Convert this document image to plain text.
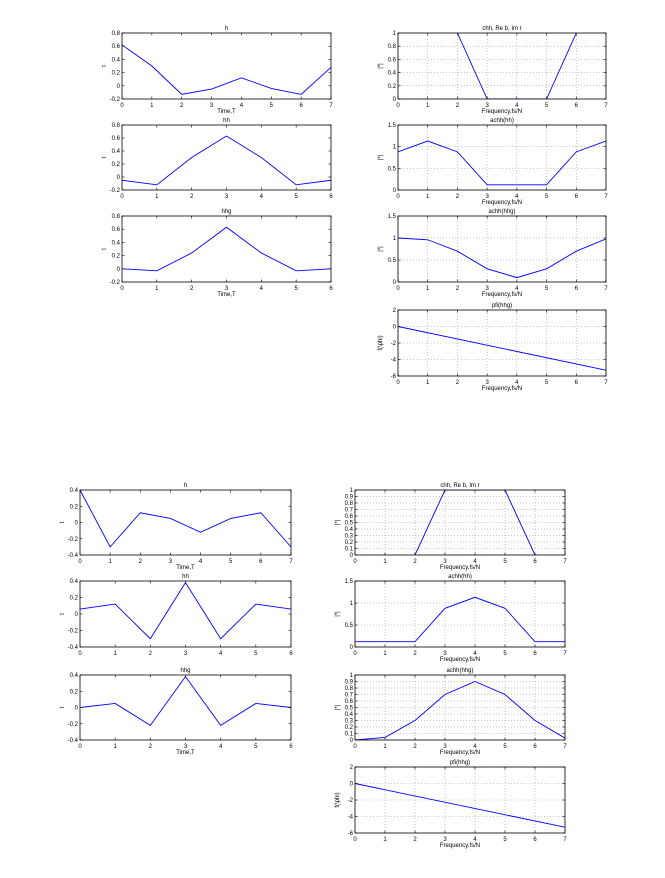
0	1	2	3	4	5	6	7
-0.2
0
0.2
0.4
0.6
0.8
h
Time,T
t
0	1	2	3	4	5	6	7
0
0.2
0.4
0.6
0.8
1
chh, Re b, Im r
Frequency,fs/N
|*|
0	1	2	3	4	5	6
-0.2
0
0.2
0.4
0.6
0.8
hh
t
0	1	2	3	4	5	6	7
0
0.5
1
1.5
achh(hh)
Frequency,fs/N
|*|
0	1	2	3	4	5	6
-0.2
0
0.2
0.4
0.6
0.8
hhg
Time,T
t
0	1	2	3	4	5	6	7
0
0.5
1
1.5
achh(hhg)
Frequency,fs/N
|*|
0	1	2	3	4	5	6	7
-6
-4
-2
0
2
pfi(hhg)
Frequency,fs/N
f(\phi)
0	1	2	3	4	5	6	7
-0.4
-0.2
0
0.2
0.4
h
Time,T
t
0	1	2	3	4	5	6	7
0
0.1
0.2
0.3
0.4
0.5
0.6
0.7
0.8
0.9
1
chh, Re b, Im r
Frequency,fs/N
|*|
0	1	2	3	4	5	6
-0.4
-0.2
0
0.2
0.4
hh
t
0	1	2	3	4	5	6	7
0
0.5
1
1.5
achh(hh)
Frequency,fs/N
|*|
0	1	2	3	4	5	6
-0.4
-0.2
0
0.2
0.4
hhg
Time,T
t
0	1	2	3	4	5	6	7
0
0.1
0.2
0.3
0.4
0.5
0.6
0.7
0.8
0.9
1
achh(hhg)
Frequency,fs/N
|*|
0	1	2	3	4	5	6	7
-6
-4
-2
0
2
pfi(hhg)
Frequency,fs/N
f(\phi)
